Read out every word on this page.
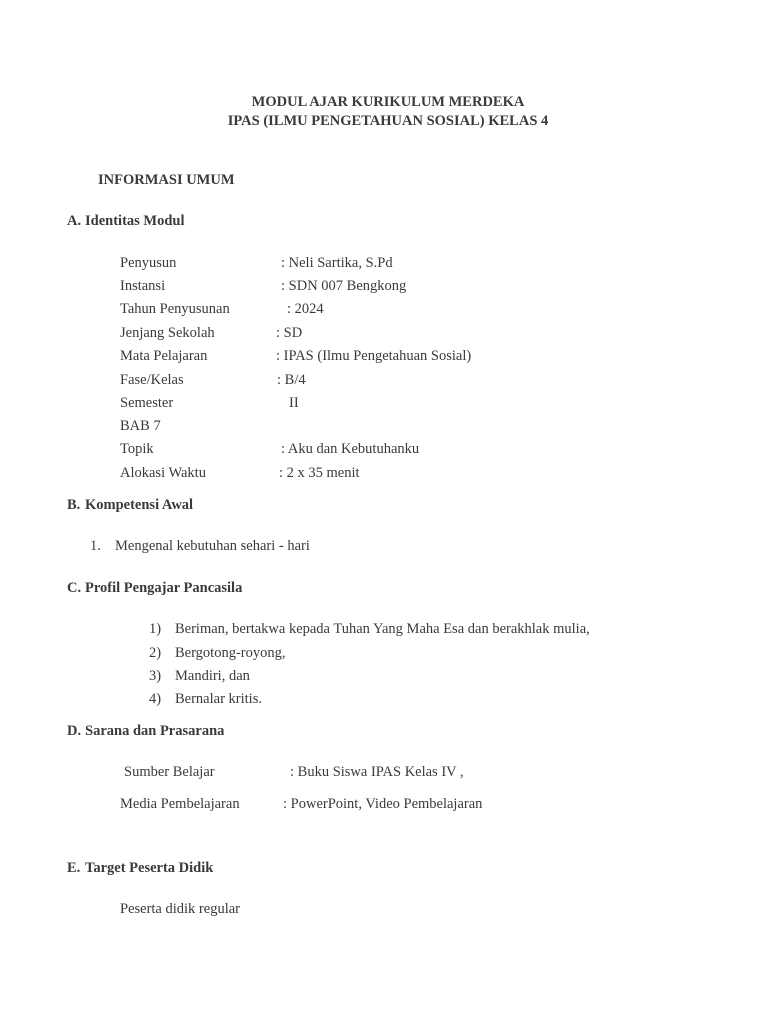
MODUL AJAR KURIKULUM MERDEKA
IPAS (ILMU PENGETAHUAN SOSIAL) KELAS 4
INFORMASI UMUM
A. Identitas Modul
Penyusun	: Neli Sartika, S.Pd
Instansi	: SDN 007 Bengkong
Tahun Penyusunan	: 2024
Jenjang Sekolah	: SD
Mata Pelajaran	: IPAS (Ilmu Pengetahuan Sosial)
Fase/Kelas	: B/4
Semester	II
BAB 7
Topik	: Aku dan Kebutuhanku
Alokasi Waktu	: 2 x 35 menit
B. Kompetensi Awal
1. Mengenal kebutuhan sehari - hari
C. Profil Pengajar Pancasila
1) Beriman, bertakwa kepada Tuhan Yang Maha Esa dan berakhlak mulia,
2) Bergotong-royong,
3) Mandiri, dan
4) Bernalar kritis.
D. Sarana dan Prasarana
Sumber Belajar	: Buku Siswa IPAS Kelas IV ,
Media Pembelajaran	: PowerPoint, Video Pembelajaran
E. Target Peserta Didik
Peserta didik regular
